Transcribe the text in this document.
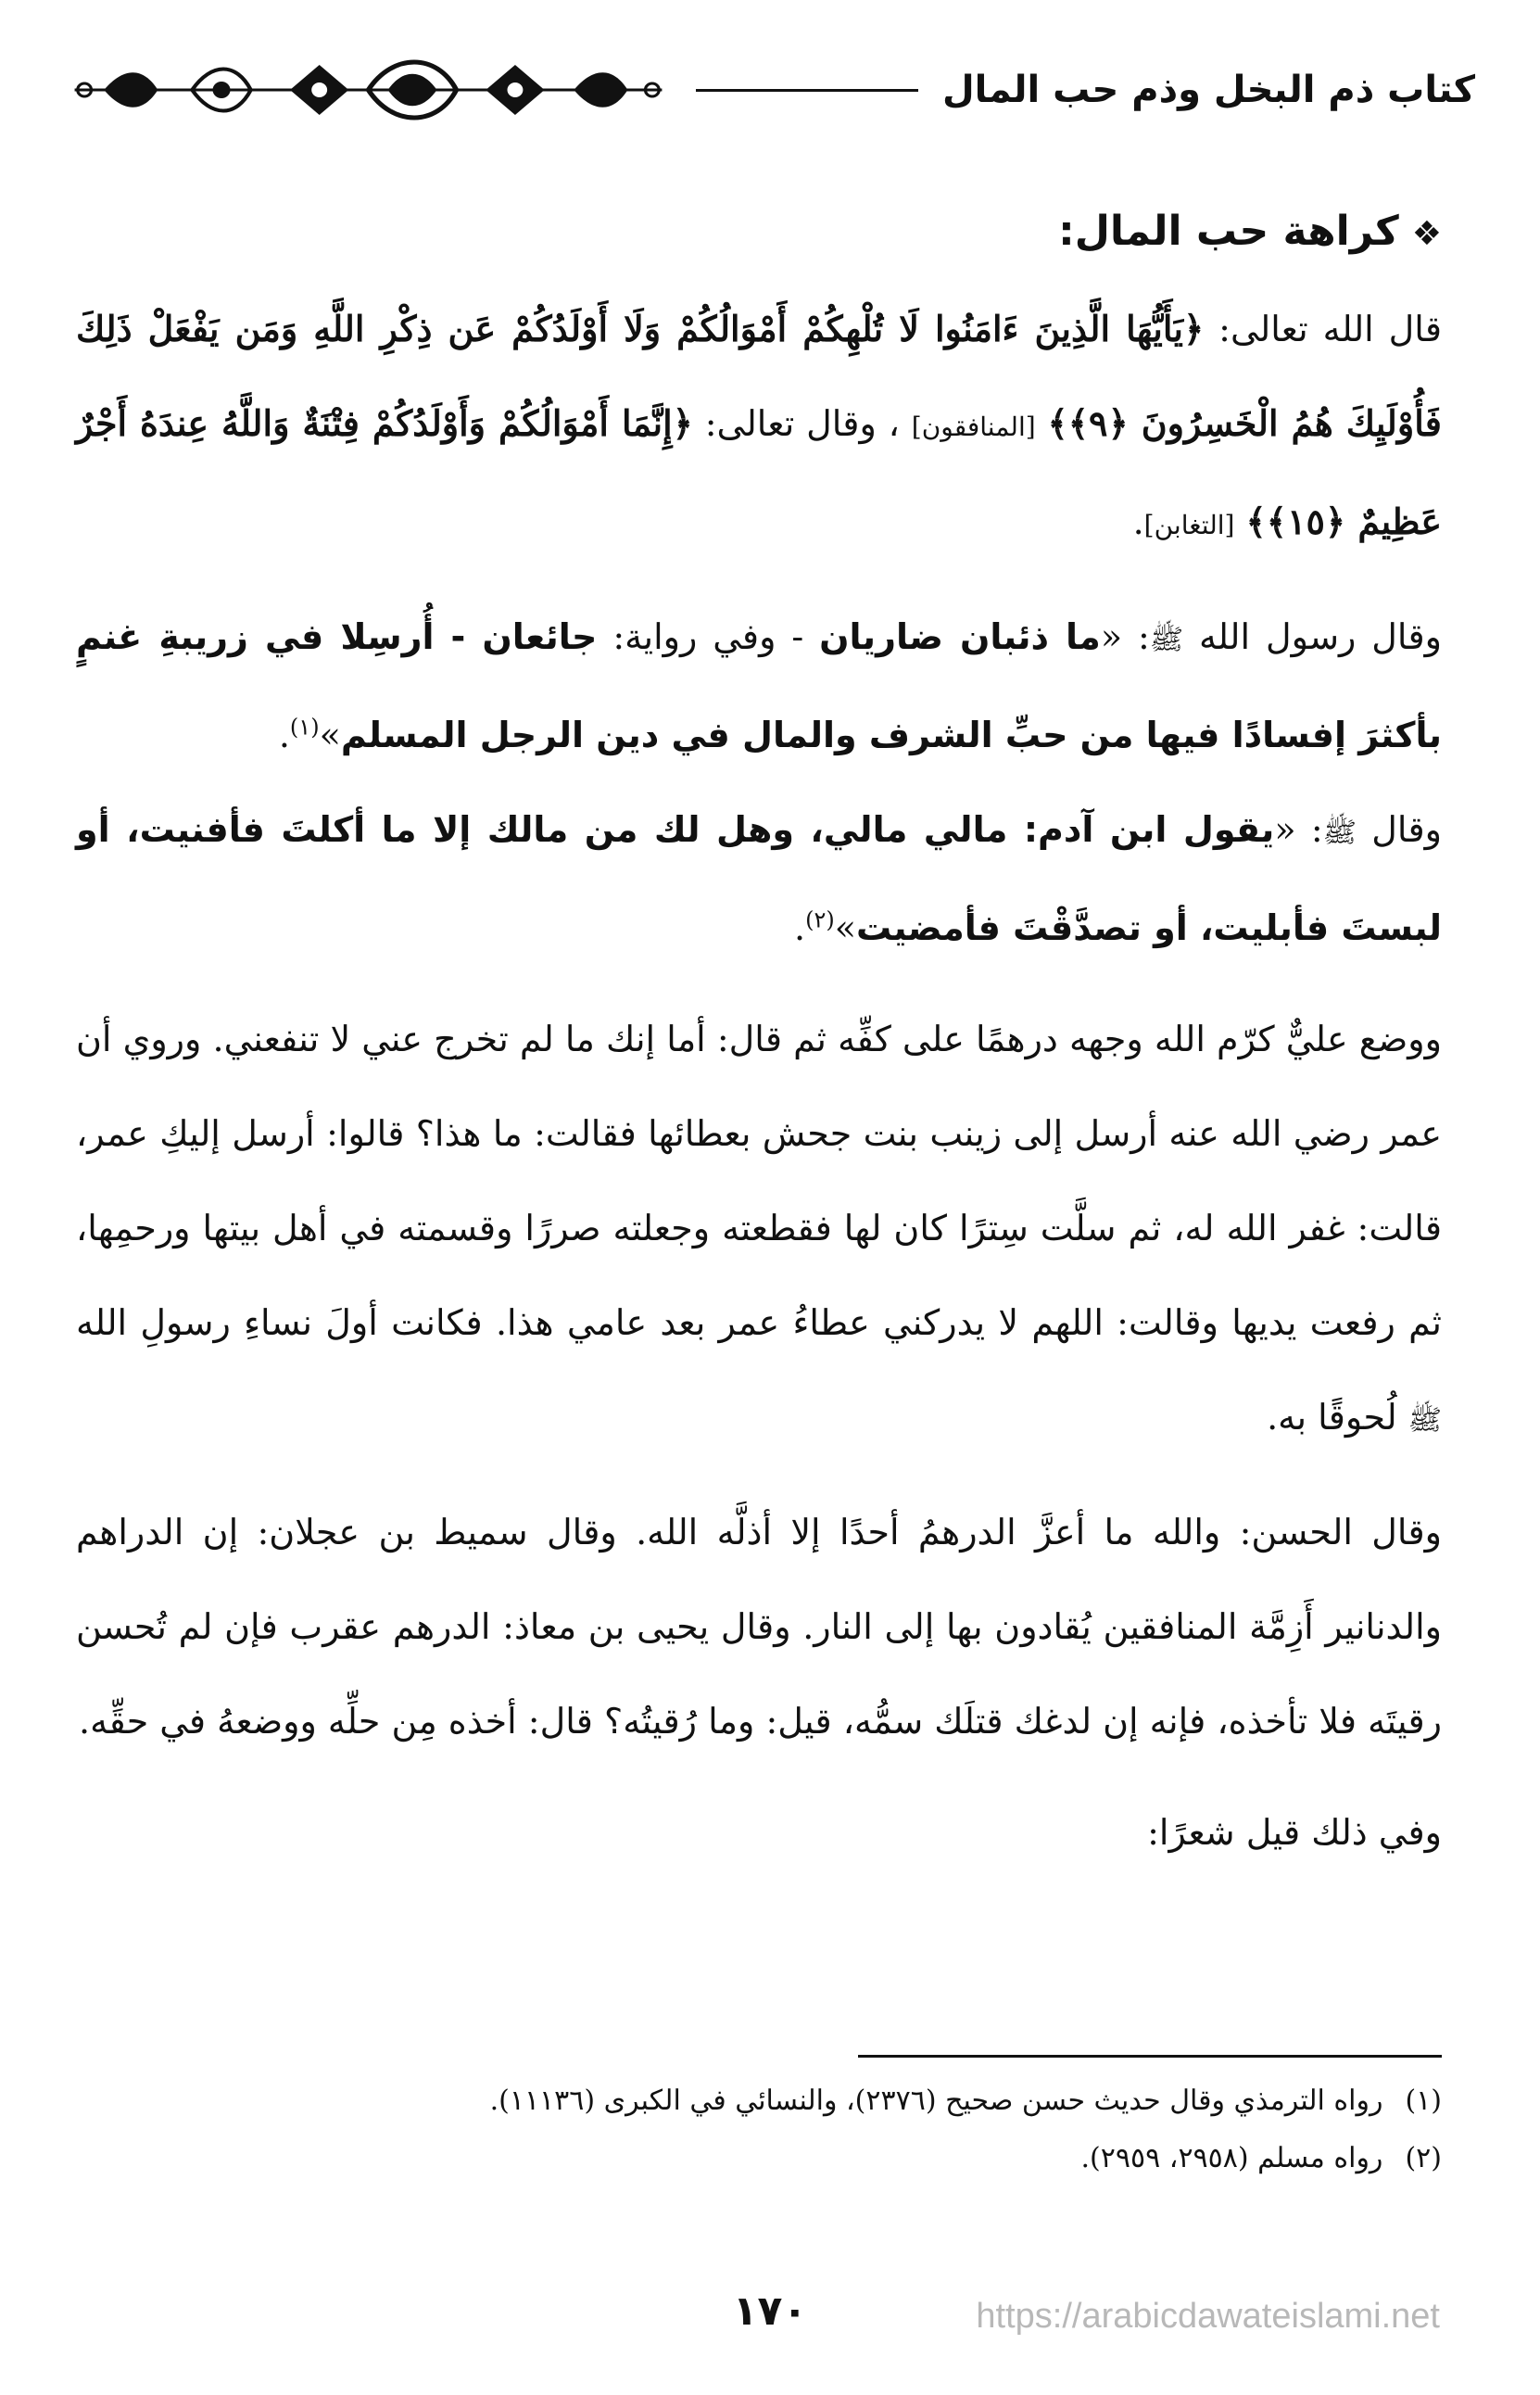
كتاب ذم البخل وذم حب المال
❖كراهة حب المال:

قال الله تعالى: ﴿يَأَيُّهَا الَّذِينَ ءَامَنُوا لَا تُلْهِكُمْ أَمْوَالُكُمْ وَلَا أَوْلَدُكُمْ عَن ذِكْرِ اللَّهِ وَمَن يَفْعَلْ ذَلِكَ فَأُوْلَيِكَ هُمُ الْخَسِرُونَ ﴿٩﴾﴾ [المنافقون] ، وقال تعالى: ﴿إِنَّمَا أَمْوَالُكُمْ وَأَوْلَدُكُمْ فِتْنَةٌ وَاللَّهُ عِندَهُ أَجْرٌ عَظِيمٌ ﴿١٥﴾﴾ [التغابن].

وقال رسول الله ﷺ: «ما ذئبان ضاريان - وفي رواية: جائعان - أُرسِلا في زريبةِ غنمٍ بأكثرَ إفسادًا فيها من حبِّ الشرف والمال في دين الرجل المسلم»$^{(١)}$.
وقال ﷺ: «يقول ابن آدم: مالي مالي، وهل لك من مالك إلا ما أكلتَ فأفنيت، أو لبستَ فأبليت، أو تصدَّقْتَ فأمضيت»$^{(٢)}$.

ووضع عليٌّ كرّم الله وجهه درهمًا على كفِّه ثم قال: أما إنك ما لم تخرج عني لا تنفعني. وروي أن عمر رضي الله عنه أرسل إلى زينب بنت جحش بعطائها فقالت: ما هذا؟ قالوا: أرسل إليكِ عمر، قالت: غفر الله له، ثم سلَّت سِترًا كان لها فقطعته وجعلته صررًا وقسمته في أهل بيتها ورحمِها، ثم رفعت يديها وقالت: اللهم لا يدركني عطاءُ عمر بعد عامي هذا. فكانت أولَ نساءِ رسولِ الله ﷺ لُحوقًا به.

وقال الحسن: والله ما أعزَّ الدرهمُ أحدًا إلا أذلَّه الله. وقال سميط بن عجلان: إن الدراهم والدنانير أَزِمَّة المنافقين يُقادون بها إلى النار. وقال يحيى بن معاذ: الدرهم عقرب فإن لم تُحسن رقيتَه فلا تأخذه، فإنه إن لدغك قتلَك سمُّه، قيل: وما رُقيتُه؟ قال: أخذه مِن حلِّه ووضعهُ في حقِّه.

وفي ذلك قيل شعرًا:

(١)رواه الترمذي وقال حديث حسن صحيح (٢٣٧٦)، والنسائي في الكبرى (١١١٣٦).
(٢)رواه مسلم (٢٩٥٨، ٢٩٥٩).
١٧٠	https://arabicdawateislami.net
